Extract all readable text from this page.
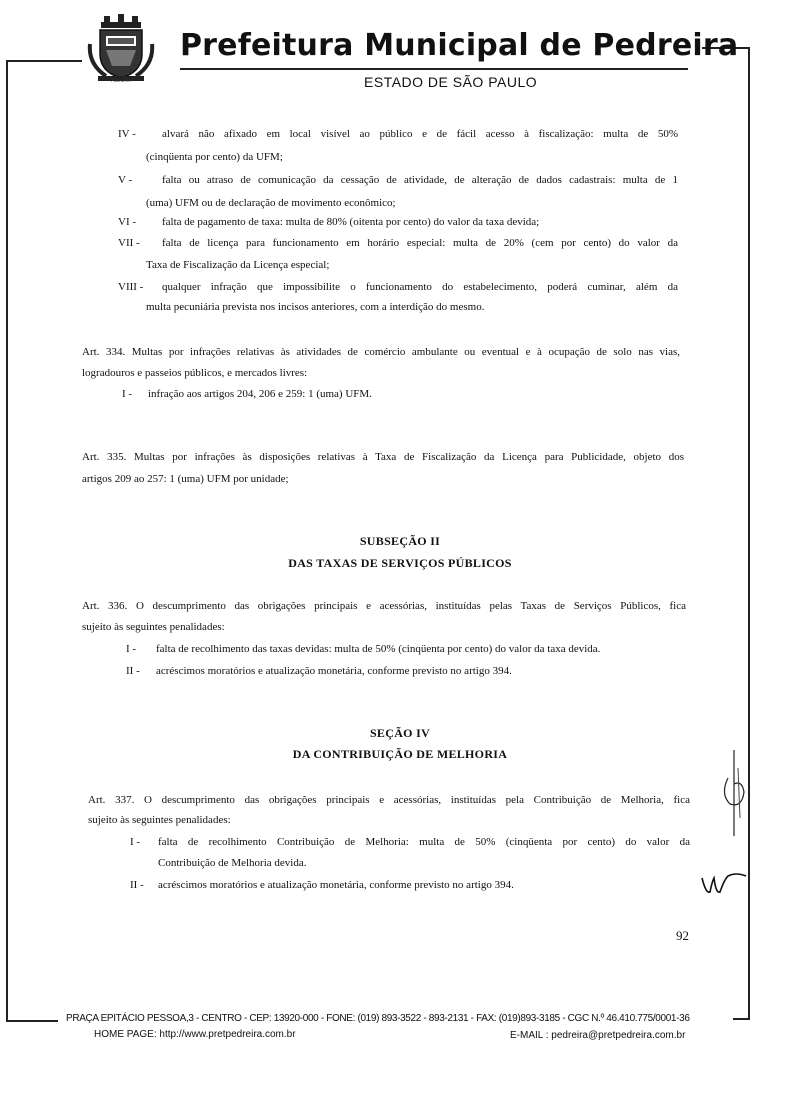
PEDREIRA
Prefeitura Municipal de Pedreira
ESTADO DE SÃO PAULO
IV - alvará não afixado em local visível ao público e de fácil acesso à fiscalização: multa de 50%
(cinqüenta por cento) da UFM;
V -	falta ou atraso de comunicação da cessação de atividade, de alteração de dados cadastrais: multa de 1
(uma) UFM ou de declaração de movimento econômico;
VI - falta de pagamento de taxa: multa de 80% (oitenta por cento) do valor da taxa devida;
VII - falta de licença para funcionamento em horário especial: multa de 20% (cem por cento) do valor da
Taxa de Fiscalização da Licença especial;
VIII - qualquer infração que impossibilite o funcionamento do estabelecimento, poderá cuminar, além da
multa pecuniária prevista nos incisos anteriores, com a interdição do mesmo.
Art. 334. Multas por infrações relativas às atividades de comércio ambulante ou eventual e à ocupação de solo nas vias,
logradouros e passeios públicos, e mercados livres:
I - infração aos artigos 204, 206 e 259: 1 (uma) UFM.
Art. 335. Multas por infrações às disposições relativas à Taxa de Fiscalização da Licença para Publicidade, objeto dos
artigos 209 ao 257: 1 (uma) UFM por unidade;
SUBSEÇÃO II
DAS TAXAS DE SERVIÇOS PÚBLICOS
Art. 336. O descumprimento das obrigações principais e acessórias, instituídas pelas Taxas de Serviços Públicos, fica
sujeito às seguintes penalidades:
I - falta de recolhimento das taxas devidas: multa de 50% (cinqüenta por cento) do valor da taxa devida.
II - acréscimos moratórios e atualização monetária, conforme previsto no artigo 394.
SEÇÃO IV
DA CONTRIBUIÇÃO DE MELHORIA
Art. 337. O descumprimento das obrigações principais e acessórias, instituídas pela Contribuição de Melhoria, fica
sujeito às seguintes penalidades:
I - falta de recolhimento Contribuição de Melhoria: multa de 50% (cinqüenta por cento) do valor da
Contribuição de Melhoria devida.
II - acréscimos moratórios e atualização monetária, conforme previsto no artigo 394.
92
PRAÇA EPITÁCIO PESSOA,3 - CENTRO - CEP: 13920-000 - FONE: (019) 893-3522 - 893-2131 - FAX: (019)893-3185 - CGC N.º 46.410.775/0001-36
HOME PAGE: http://www.pretpedreira.com.br	E-MAIL : pedreira@pretpedreira.com.br
